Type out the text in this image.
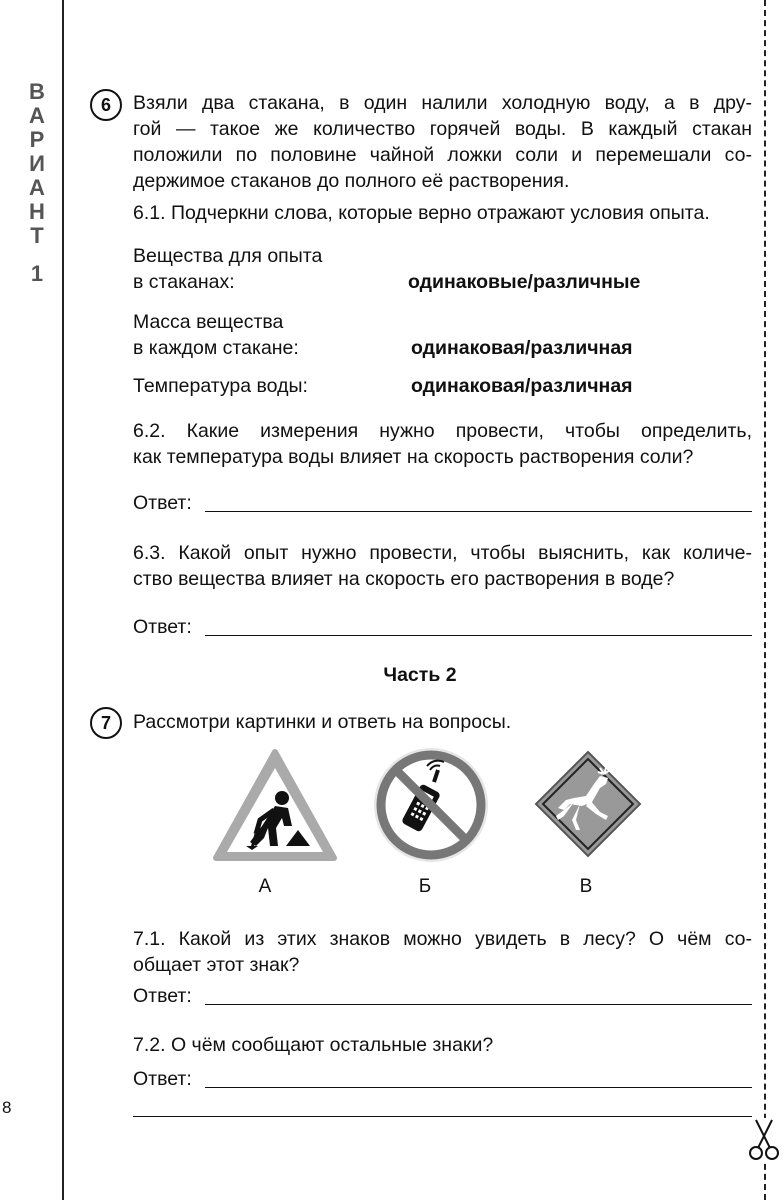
В
А
Р
И
А
Н
Т
1
8
6	Взяли два стакана, в один налили холодную воду, а в дру-
гой — такое же количество горячей воды. В каждый стакан
положили по половине чайной ложки соли и перемешали со-
держимое стаканов до полного её растворения.
6.1. Подчеркни слова, которые верно отражают условия опыта.
Вещества для опыта
в стаканах:	одинаковые/различные
Масса вещества
в каждом стакане:	одинаковая/различная
Температура воды:	одинаковая/различная
6.2. Какие измерения нужно провести, чтобы определить,
как температура воды влияет на скорость растворения соли?
Ответ:
6.3. Какой опыт нужно провести, чтобы выяснить, как количе-
ство вещества влияет на скорость его растворения в воде?
Ответ:
Часть 2
7	Рассмотри картинки и ответь на вопросы.
А	Б	В
7.1. Какой из этих знаков можно увидеть в лесу? О чём со-
общает этот знак?
Ответ:
7.2. О чём сообщают остальные знаки?
Ответ:
